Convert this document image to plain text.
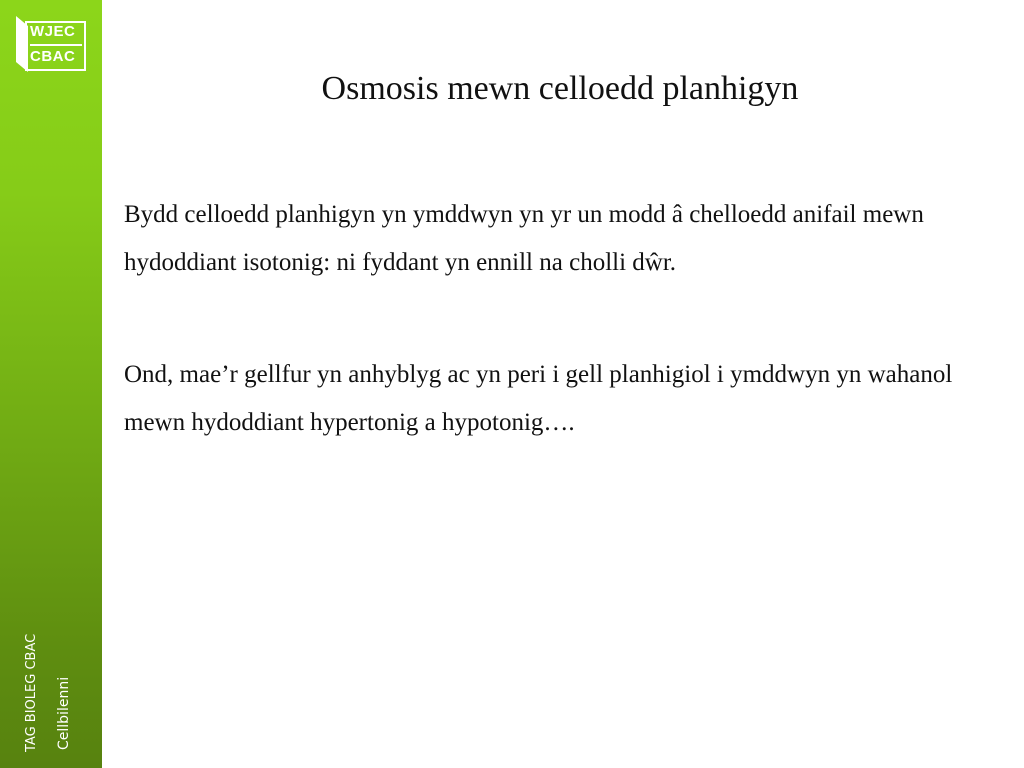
WJEC
CBAC
TAG BIOLEG CBAC Cellbilenni
Osmosis mewn celloedd planhigyn
Bydd celloedd planhigyn yn ymddwyn yn yr un modd â chelloedd anifail mewn hydoddiant isotonig: ni fyddant yn ennill na cholli dŵr.
Ond, mae’r gellfur yn anhyblyg ac yn peri i gell planhigiol i ymddwyn yn wahanol mewn hydoddiant hypertonig a hypotonig….
